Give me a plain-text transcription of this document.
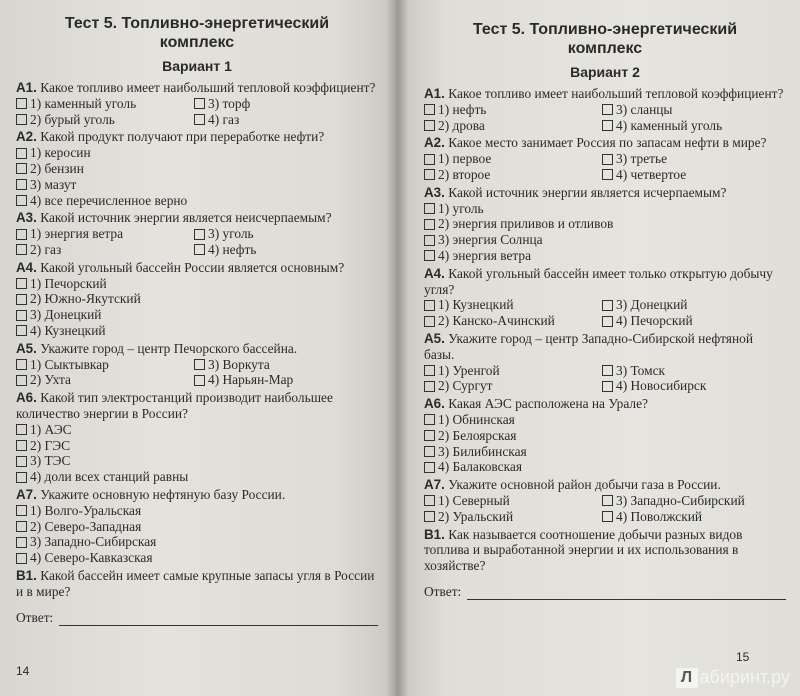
Тест 5. Топливно-энергетический комплекс
Вариант 1
А1. Какое топливо имеет наибольший тепловой коэффициент?
1) каменный уголь	3) торф
2) бурый уголь	4) газ
А2. Какой продукт получают при переработке нефти?
1) керосин
2) бензин
3) мазут
4) все перечисленное верно
А3. Какой источник энергии является неисчерпаемым?
1) энергия ветра	3) уголь
2) газ	4) нефть
А4. Какой угольный бассейн России является основным?
1) Печорский
2) Южно-Якутский
3) Донецкий
4) Кузнецкий
А5. Укажите город – центр Печорского бассейна.
1) Сыктывкар	3) Воркута
2) Ухта	4) Нарьян-Мар
А6. Какой тип электростанций производит наибольшее количество энергии в России?
1) АЭС
2) ГЭС
3) ТЭС
4) доли всех станций равны
А7. Укажите основную нефтяную базу России.
1) Волго-Уральская
2) Северо-Западная
3) Западно-Сибирская
4) Северо-Кавказская
В1. Какой бассейн имеет самые крупные запасы угля в России и в мире?
Ответ:
14
Тест 5. Топливно-энергетический комплекс
Вариант 2
А1. Какое топливо имеет наибольший тепловой коэффициент?
1) нефть	3) сланцы
2) дрова	4) каменный уголь
А2. Какое место занимает Россия по запасам нефти в мире?
1) первое	3) третье
2) второе	4) четвертое
А3. Какой источник энергии является исчерпаемым?
1) уголь
2) энергия приливов и отливов
3) энергия Солнца
4) энергия ветра
А4. Какой угольный бассейн имеет только открытую добычу угля?
1) Кузнецкий	3) Донецкий
2) Канско-Ачинский	4) Печорский
А5. Укажите город – центр Западно-Сибирской нефтяной базы.
1) Уренгой	3) Томск
2) Сургут	4) Новосибирск
А6. Какая АЭС расположена на Урале?
1) Обнинская
2) Белоярская
3) Билибинская
4) Балаковская
А7. Укажите основной район добычи газа в России.
1) Северный	3) Западно-Сибирский
2) Уральский	4) Поволжский
В1. Как называется соотношение добычи разных видов топлива и выработанной энергии и их использования в хозяйстве?
Ответ:
15
Л абиринт.ру
